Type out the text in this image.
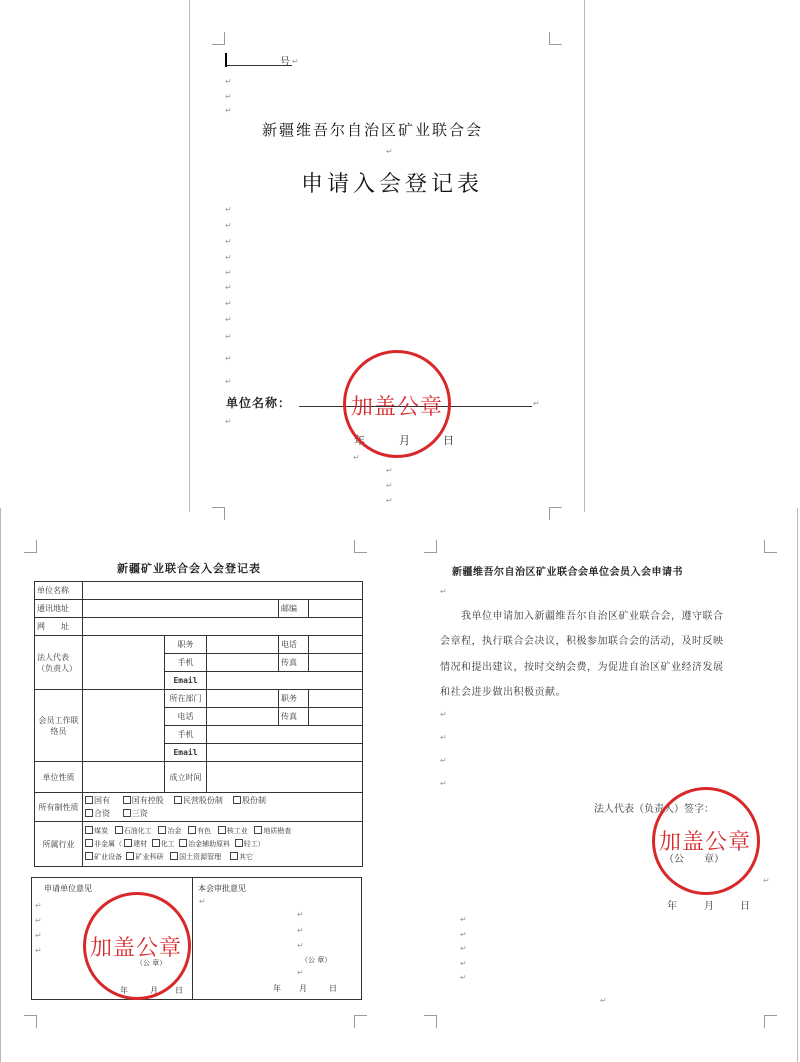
号 ↵
↵
↵
↵
新疆维吾尔自治区矿业联合会
↵
申请入会登记表
↵
↵
↵
↵
↵
↵
↵
↵
↵
↵
↵
单位名称：	↵
↵
年	月	日
↵
↵
↵
↵
加盖公章
新疆矿业联合会入会登记表
单位名称					
通讯地址				邮编	
网　　址					
法人代表（负责人）		职务		电话	
		手机		传真	
		Email			
会员工作联络员		所在部门		职务	
		电话		传真	
		手机			
		Email			
单位性质		成立时间			
所有制性质	国有 国有控股 民营股份制 股份制
合资 三资				

所属行业	煤炭 石油化工 冶金 有色 核工业 地质勘查
非金属（ 建材 化工 冶金辅助原料 轻工）
矿业设备 矿业科研 国土资源管理 其它				
申请单位意见
↵
↵
↵
↵
（公 章）
年	月 日
本会审批意见
↵
↵
↵
↵
（公 章）
↵
年 月	日
加盖公章
新疆维吾尔自治区矿业联合会单位会员入会申请书
↵
我单位申请加入新疆维吾尔自治区矿业联合会，遵守联合
会章程，执行联合会决议，积极参加联合会的活动，及时反映
情况和提出建议，按时交纳会费，为促进自治区矿业经济发展
和社会进步做出积极贡献。
↵
↵
↵
↵
法人代表（负责人）签字：
（公　　章）
↵
年	月	日
↵
↵
↵
↵
↵
↵
加盖公章
